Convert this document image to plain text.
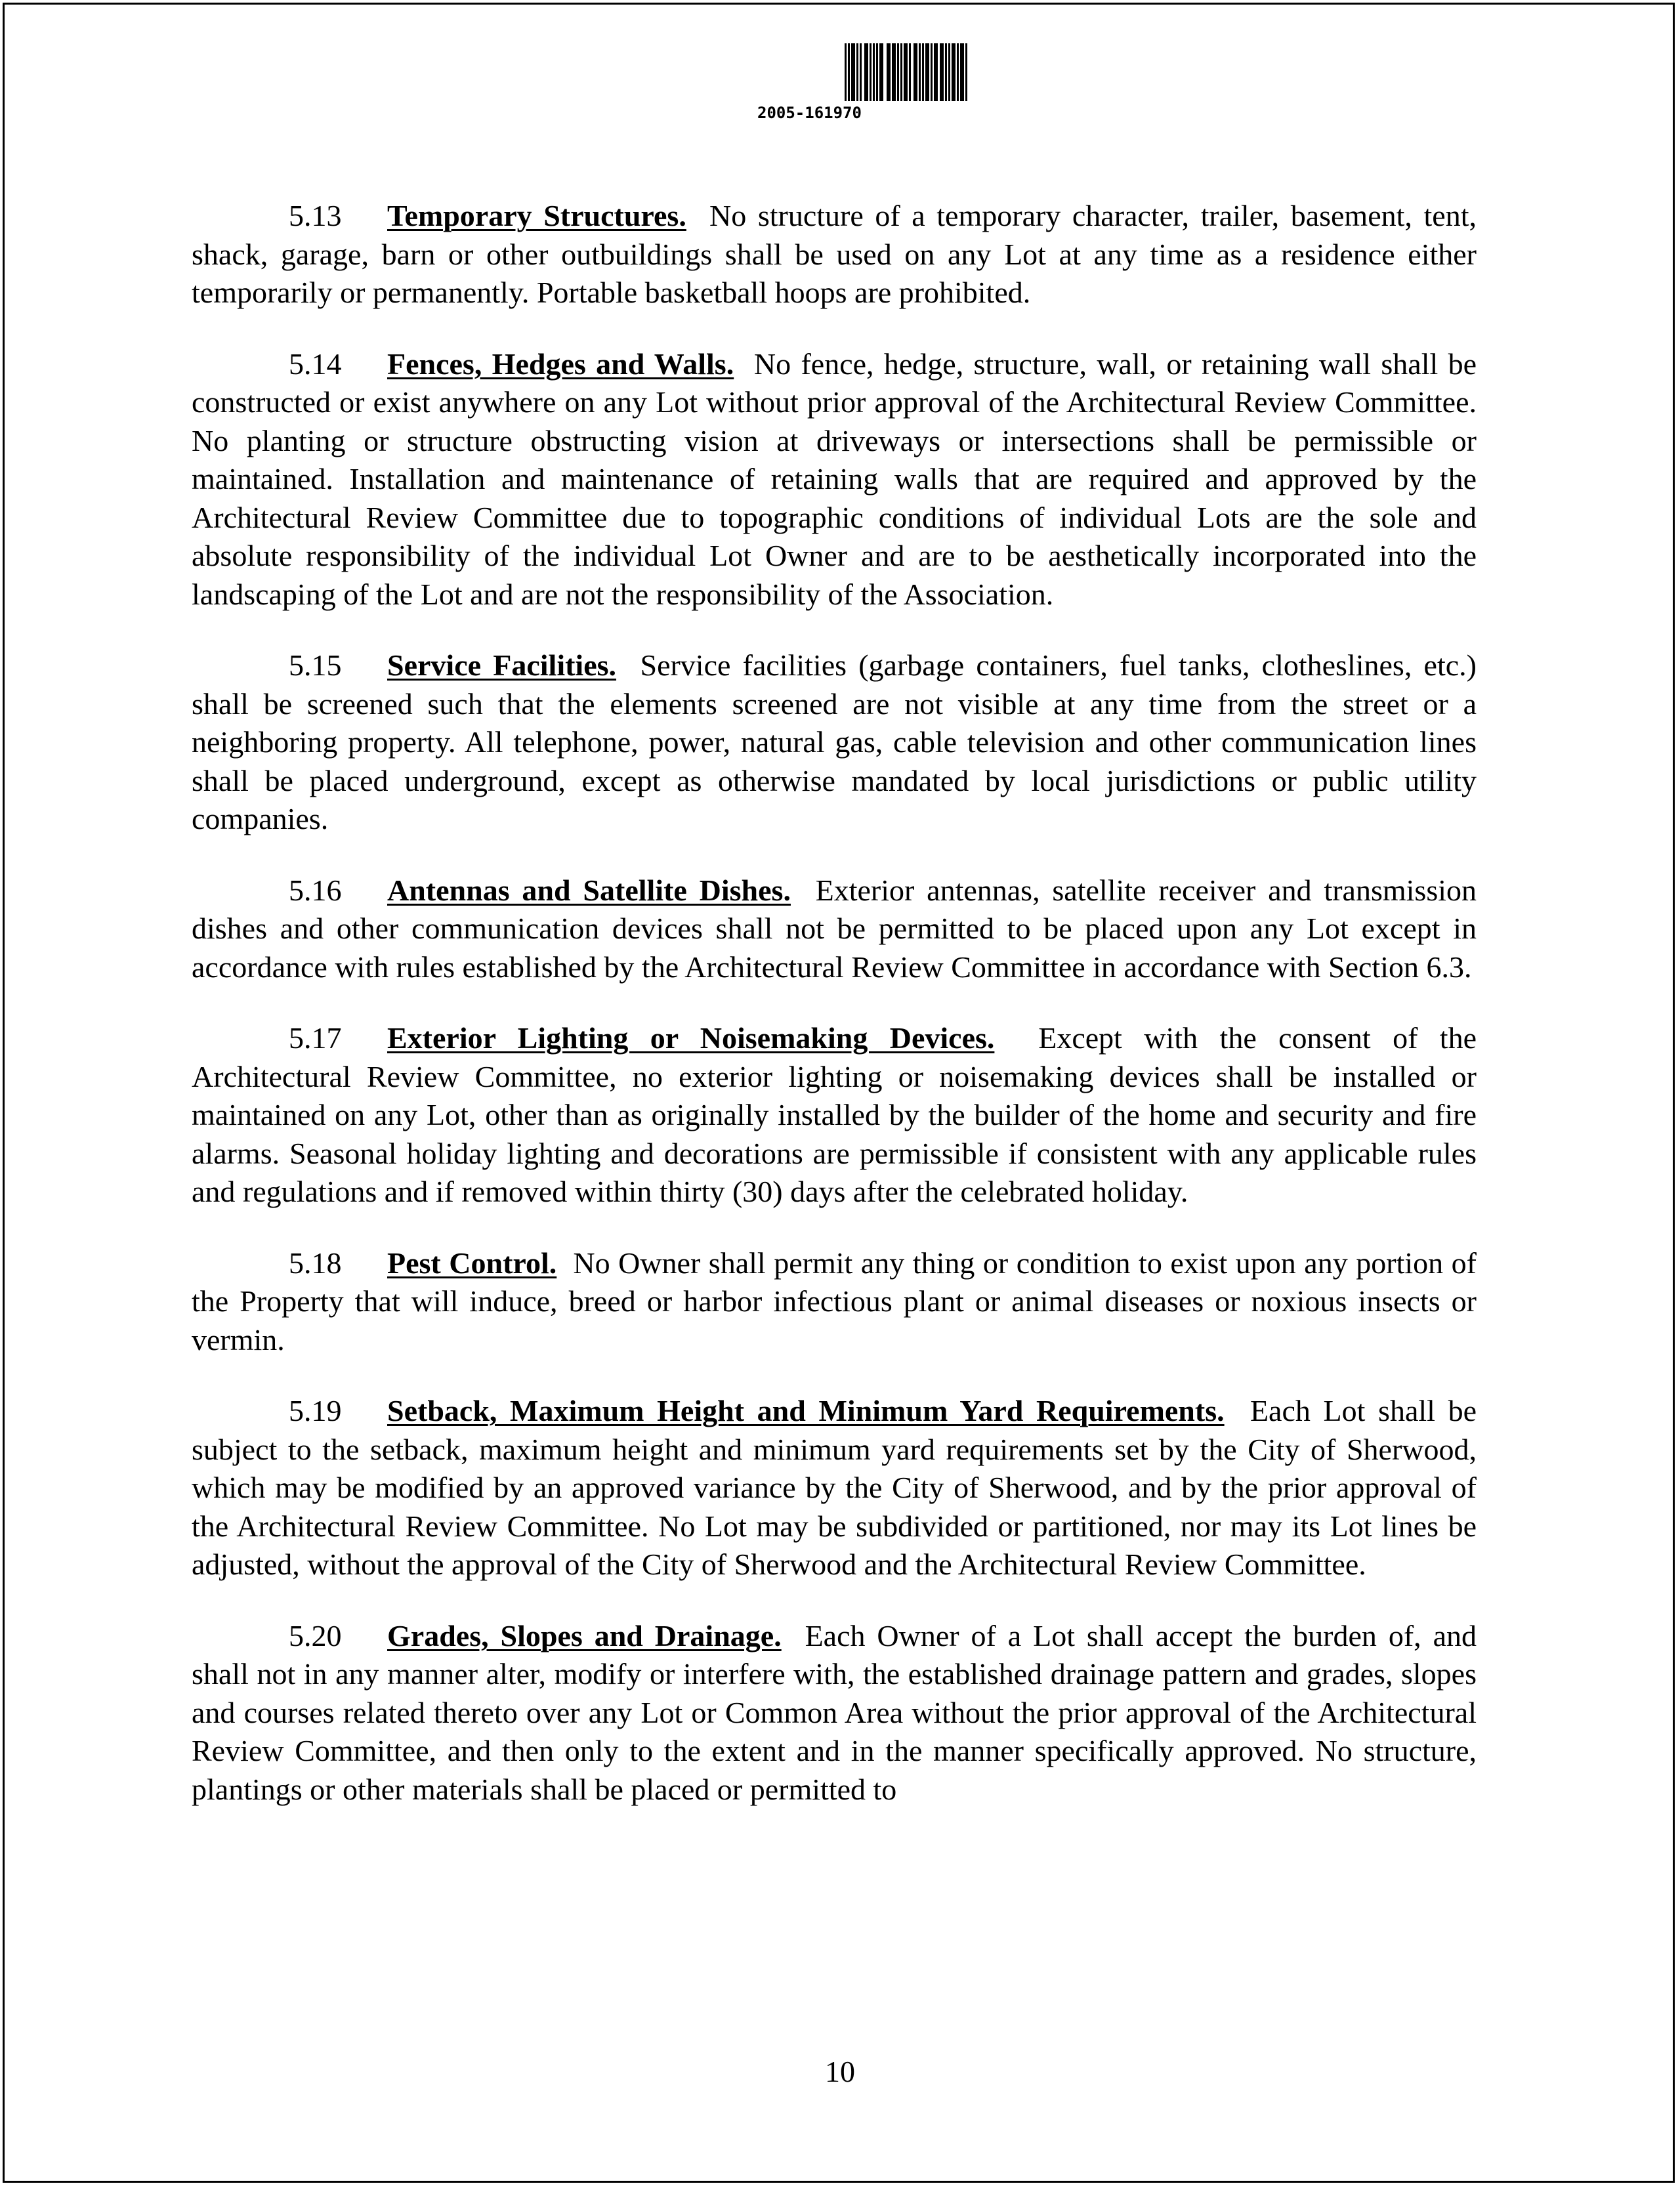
2005-161970

5.13 Temporary Structures. No structure of a temporary character, trailer, basement, tent, shack, garage, barn or other outbuildings shall be used on any Lot at any time as a residence either temporarily or permanently. Portable basketball hoops are prohibited.

5.14 Fences, Hedges and Walls. No fence, hedge, structure, wall, or retaining wall shall be constructed or exist anywhere on any Lot without prior approval of the Architectural Review Committee. No planting or structure obstructing vision at driveways or intersections shall be permissible or maintained. Installation and maintenance of retaining walls that are required and approved by the Architectural Review Committee due to topographic conditions of individual Lots are the sole and absolute responsibility of the individual Lot Owner and are to be aesthetically incorporated into the landscaping of the Lot and are not the responsibility of the Association.

5.15 Service Facilities. Service facilities (garbage containers, fuel tanks, clotheslines, etc.) shall be screened such that the elements screened are not visible at any time from the street or a neighboring property. All telephone, power, natural gas, cable television and other communication lines shall be placed underground, except as otherwise mandated by local jurisdictions or public utility companies.

5.16 Antennas and Satellite Dishes. Exterior antennas, satellite receiver and transmission dishes and other communication devices shall not be permitted to be placed upon any Lot except in accordance with rules established by the Architectural Review Committee in accordance with Section 6.3.

5.17 Exterior Lighting or Noisemaking Devices. Except with the consent of the Architectural Review Committee, no exterior lighting or noisemaking devices shall be installed or maintained on any Lot, other than as originally installed by the builder of the home and security and fire alarms. Seasonal holiday lighting and decorations are permissible if consistent with any applicable rules and regulations and if removed within thirty (30) days after the celebrated holiday.

5.18 Pest Control. No Owner shall permit any thing or condition to exist upon any portion of the Property that will induce, breed or harbor infectious plant or animal diseases or noxious insects or vermin.

5.19 Setback, Maximum Height and Minimum Yard Requirements. Each Lot shall be subject to the setback, maximum height and minimum yard requirements set by the City of Sherwood, which may be modified by an approved variance by the City of Sherwood, and by the prior approval of the Architectural Review Committee. No Lot may be subdivided or partitioned, nor may its Lot lines be adjusted, without the approval of the City of Sherwood and the Architectural Review Committee.

5.20 Grades, Slopes and Drainage. Each Owner of a Lot shall accept the burden of, and shall not in any manner alter, modify or interfere with, the established drainage pattern and grades, slopes and courses related thereto over any Lot or Common Area without the prior approval of the Architectural Review Committee, and then only to the extent and in the manner specifically approved. No structure, plantings or other materials shall be placed or permitted to

10
